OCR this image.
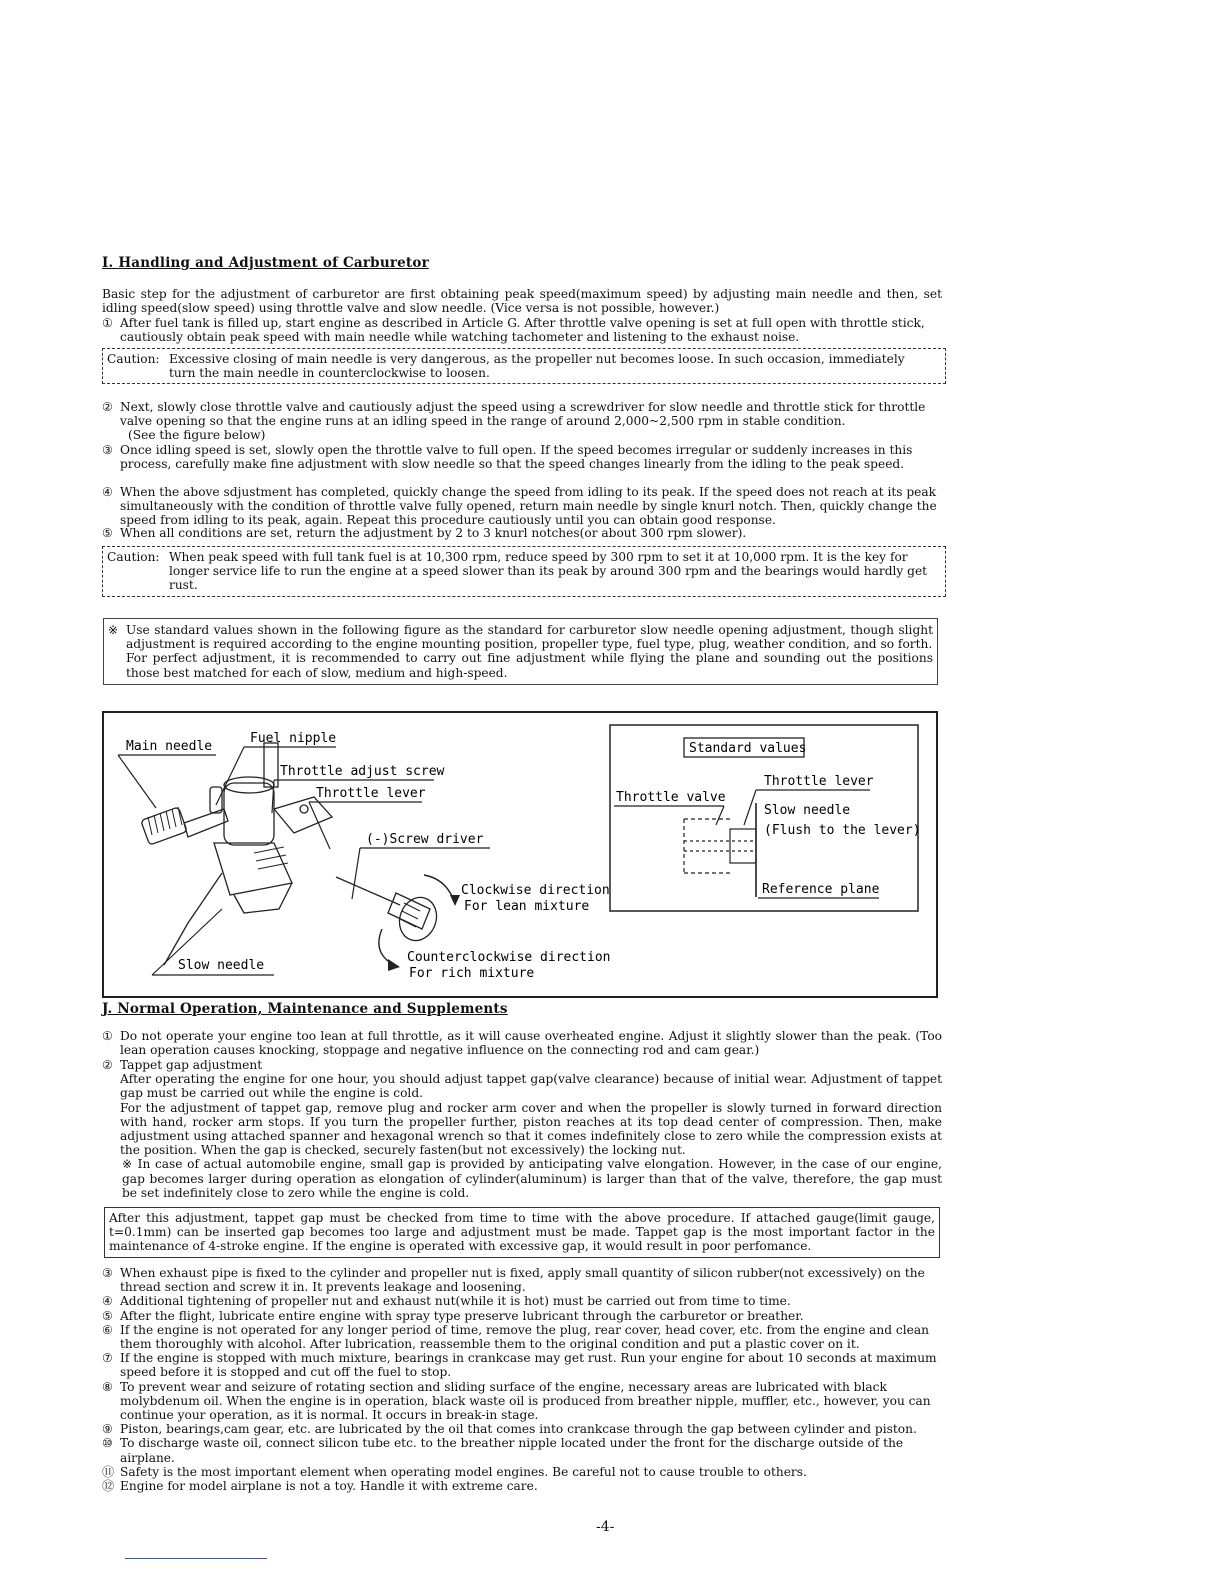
I. Handling and Adjustment of Carburetor
Basic step for the adjustment of carburetor are first obtaining peak speed(maximum speed) by adjusting main needle and then, set idling speed(slow speed) using throttle valve and slow needle. (Vice versa is not possible, however.)
① After fuel tank is filled up, start engine as described in Article G. After throttle valve opening is set at full open with throttle stick, cautiously obtain peak speed with main needle while watching tachometer and listening to the exhaust noise.
Caution: Excessive closing of main needle is very dangerous, as the propeller nut becomes loose. In such occasion, immediately turn the main needle in counterclockwise to loosen.
② Next, slowly close throttle valve and cautiously adjust the speed using a screwdriver for slow needle and throttle stick for throttle valve opening so that the engine runs at an idling speed in the range of around 2,000~2,500 rpm in stable condition.
(See the figure below)
③ Once idling speed is set, slowly open the throttle valve to full open. If the speed becomes irregular or suddenly increases in this process, carefully make fine adjustment with slow needle so that the speed changes linearly from the idling to the peak speed.
④ When the above sdjustment has completed, quickly change the speed from idling to its peak. If the speed does not reach at its peak simultaneously with the condition of throttle valve fully opened, return main needle by single knurl notch. Then, quickly change the speed from idling to its peak, again. Repeat this procedure cautiously until you can obtain good response.
⑤ When all conditions are set, return the adjustment by 2 to 3 knurl notches(or about 300 rpm slower).
Caution: When peak speed with full tank fuel is at 10,300 rpm, reduce speed by 300 rpm to set it at 10,000 rpm. It is the key for longer service life to run the engine at a speed slower than its peak by around 300 rpm and the bearings would hardly get rust.
※ Use standard values shown in the following figure as the standard for carburetor slow needle opening adjustment, though slight adjustment is required according to the engine mounting position, propeller type, fuel type, plug, weather condition, and so forth.
For perfect adjustment, it is recommended to carry out fine adjustment while flying the plane and sounding out the positions those best matched for each of slow, medium and high-speed.
Main needle
Fuel nipple
Throttle adjust screw
Throttle lever
(-)Screw driver
Clockwise direction
For lean mixture
Counterclockwise direction
For rich mixture
Slow needle
Standard values
Throttle lever
Throttle valve
Slow needle
(Flush to the lever)
Reference plane
J. Normal Operation, Maintenance and Supplements
① Do not operate your engine too lean at full throttle, as it will cause overheated engine. Adjust it slightly slower than the peak. (Too lean operation causes knocking, stoppage and negative influence on the connecting rod and cam gear.)
② Tappet gap adjustment
After operating the engine for one hour, you should adjust tappet gap(valve clearance) because of initial wear. Adjustment of tappet gap must be carried out while the engine is cold.
For the adjustment of tappet gap, remove plug and rocker arm cover and when the propeller is slowly turned in forward direction with hand, rocker arm stops. If you turn the propeller further, piston reaches at its top dead center of compression. Then, make adjustment using attached spanner and hexagonal wrench so that it comes indefinitely close to zero while the compression exists at the position. When the gap is checked, securely fasten(but not excessively) the locking nut.
※ In case of actual automobile engine, small gap is provided by anticipating valve elongation. However, in the case of our engine, gap becomes larger during operation as elongation of cylinder(aluminum) is larger than that of the valve, therefore, the gap must be set indefinitely close to zero while the engine is cold.
After this adjustment, tappet gap must be checked from time to time with the above procedure. If attached gauge(limit gauge, t=0.1mm) can be inserted gap becomes too large and adjustment must be made. Tappet gap is the most important factor in the maintenance of 4-stroke engine. If the engine is operated with excessive gap, it would result in poor perfomance.
③ When exhaust pipe is fixed to the cylinder and propeller nut is fixed, apply small quantity of silicon rubber(not excessively) on the thread section and screw it in. It prevents leakage and loosening.
④ Additional tightening of propeller nut and exhaust nut(while it is hot) must be carried out from time to time.
⑤ After the flight, lubricate entire engine with spray type preserve lubricant through the carburetor or breather.
⑥ If the engine is not operated for any longer period of time, remove the plug, rear cover, head cover, etc. from the engine and clean them thoroughly with alcohol. After lubrication, reassemble them to the original condition and put a plastic cover on it.
⑦ If the engine is stopped with much mixture, bearings in crankcase may get rust. Run your engine for about 10 seconds at maximum speed before it is stopped and cut off the fuel to stop.
⑧ To prevent wear and seizure of rotating section and sliding surface of the engine, necessary areas are lubricated with black molybdenum oil. When the engine is in operation, black waste oil is produced from breather nipple, muffler, etc., however, you can continue your operation, as it is normal. It occurs in break-in stage.
⑨ Piston, bearings,cam gear, etc. are lubricated by the oil that comes into crankcase through the gap between cylinder and piston.
⑩ To discharge waste oil, connect silicon tube etc. to the breather nipple located under the front for the discharge outside of the airplane.
⑪ Safety is the most important element when operating model engines. Be careful not to cause trouble to others.
⑫ Engine for model airplane is not a toy. Handle it with extreme care.
-4-
